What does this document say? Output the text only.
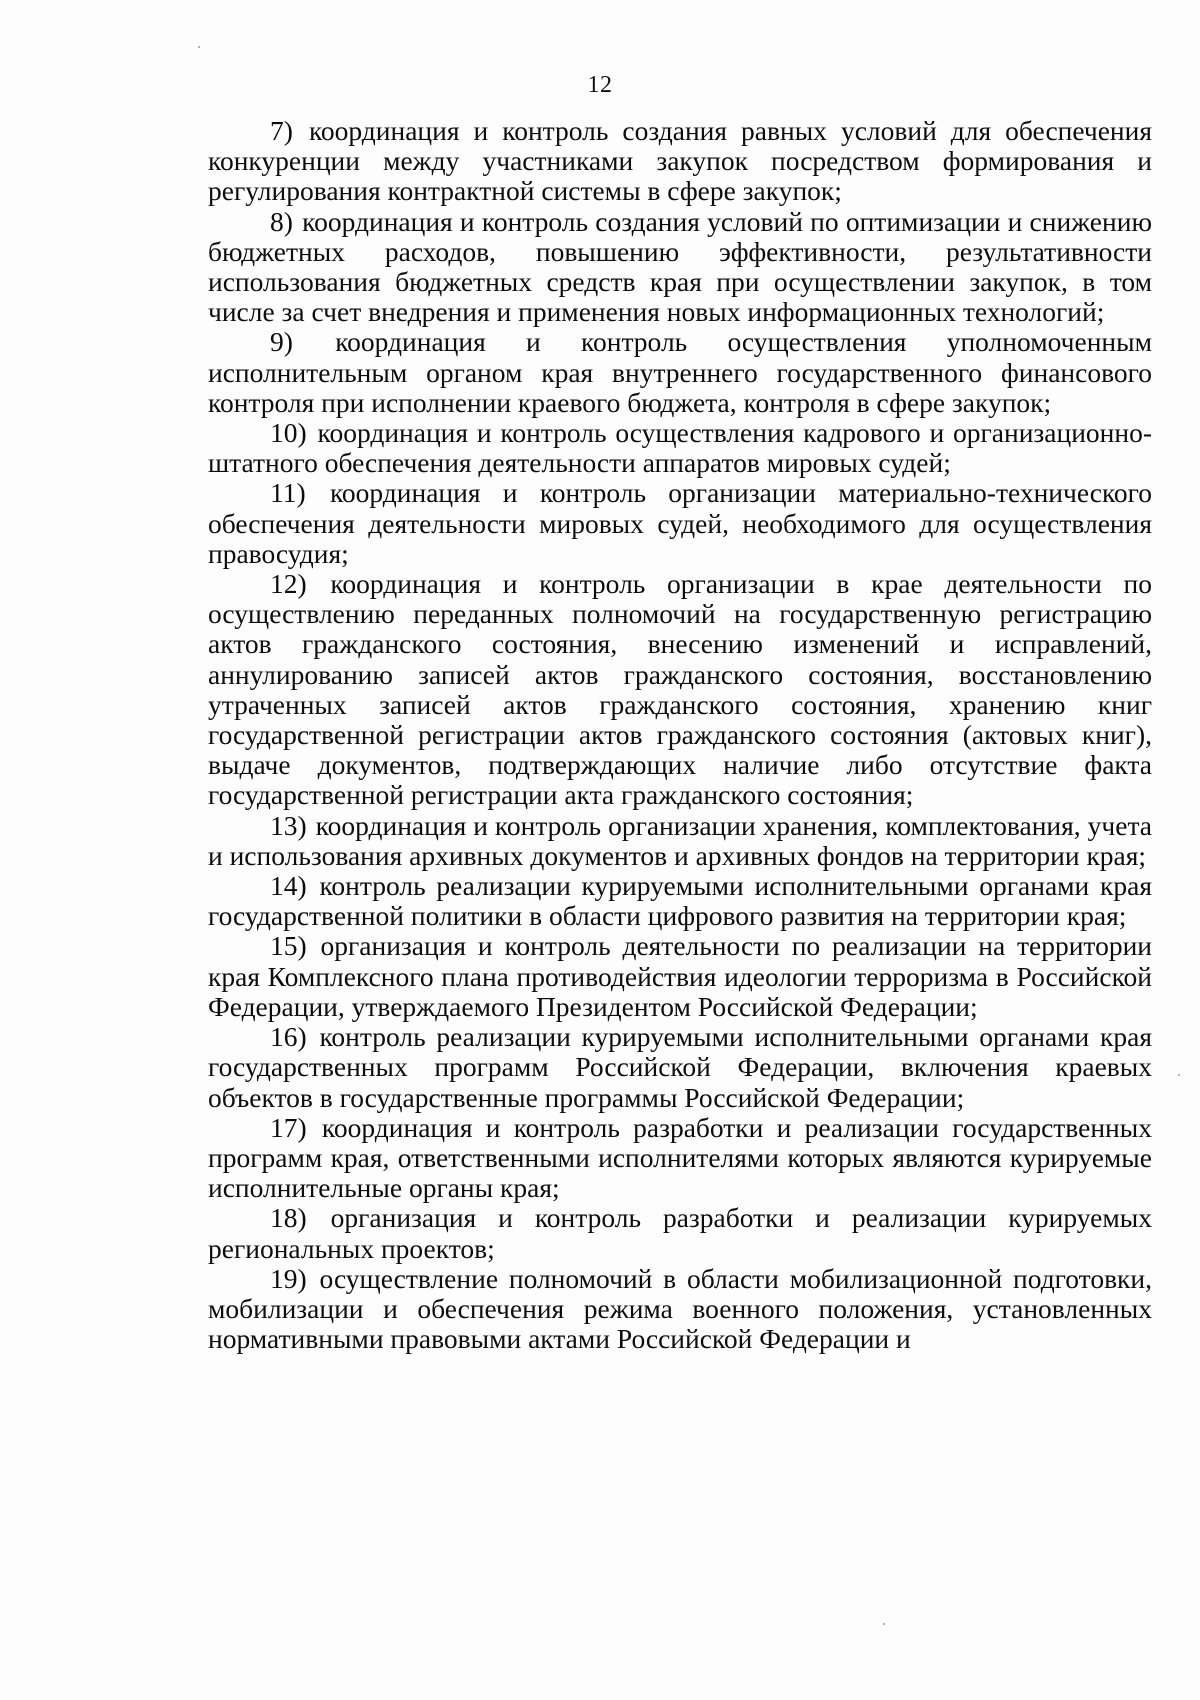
12

7) координация и контроль создания равных условий для обеспечения конкуренции между участниками закупок посредством формирования и регулирования контрактной системы в сфере закупок;

8) координация и контроль создания условий по оптимизации и снижению бюджетных расходов, повышению эффективности, результативности использования бюджетных средств края при осуществлении закупок, в том числе за счет внедрения и применения новых информационных технологий;

9) координация и контроль осуществления уполномоченным исполнительным органом края внутреннего государственного финансового контроля при исполнении краевого бюджета, контроля в сфере закупок;

10) координация и контроль осуществления кадрового и организационно-штатного обеспечения деятельности аппаратов мировых судей;

11) координация и контроль организации материально-технического обеспечения деятельности мировых судей, необходимого для осуществления правосудия;

12) координация и контроль организации в крае деятельности по осуществлению переданных полномочий на государственную регистрацию актов гражданского состояния, внесению изменений и исправлений, аннулированию записей актов гражданского состояния, восстановлению утраченных записей актов гражданского состояния, хранению книг государственной регистрации актов гражданского состояния (актовых книг), выдаче документов, подтверждающих наличие либо отсутствие факта государственной регистрации акта гражданского состояния;

13) координация и контроль организации хранения, комплектования, учета и использования архивных документов и архивных фондов на территории края;

14) контроль реализации курируемыми исполнительными органами края государственной политики в области цифрового развития на территории края;

15) организация и контроль деятельности по реализации на территории края Комплексного плана противодействия идеологии терроризма в Российской Федерации, утверждаемого Президентом Российской Федерации;

16) контроль реализации курируемыми исполнительными органами края государственных программ Российской Федерации, включения краевых объектов в государственные программы Российской Федерации;

17) координация и контроль разработки и реализации государственных программ края, ответственными исполнителями которых являются курируемые исполнительные органы края;

18) организация и контроль разработки и реализации курируемых региональных проектов;

19) осуществление полномочий в области мобилизационной подготовки, мобилизации и обеспечения режима военного положения, установленных нормативными правовыми актами Российской Федерации и
